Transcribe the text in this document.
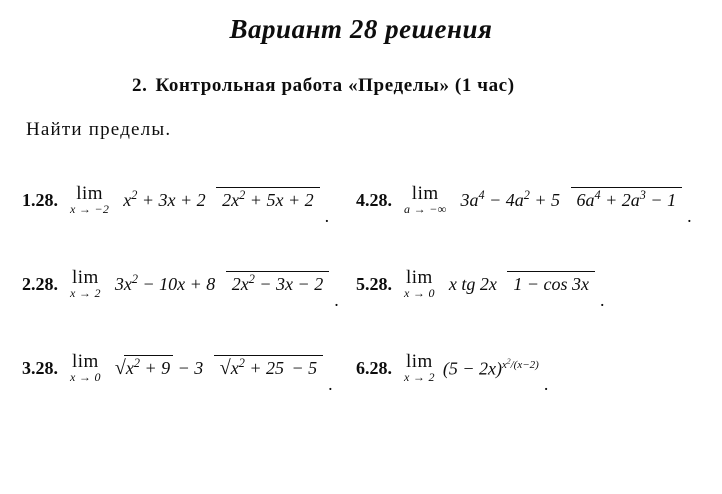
Вариант 28 решения
2. Контрольная работа «Пределы» (1 час)
Найти пределы.
1.28. lim
x → −2 $x^2 + 3x + 2$ $2x^2 + 5x + 2$
.
4.28.	lim
a → −∞ $3a^4 - 4a^2 + 5$ $6a^4 + 2a^3 - 1$
.
2.28. lim
x → 2 $3x^2 - 10x + 8$ $2x^2 - 3x - 2$
.
5.28. lim
x → 0 x tg 2x 1 − cos 3x
.
3.28. lim
x → 0 $√x^2 + 9 - 3$ $√x^2 + 25 - 5$
.
6.28. lim
x → 2 $(5 - 2x)^{x^2/(x-2)}$
.
